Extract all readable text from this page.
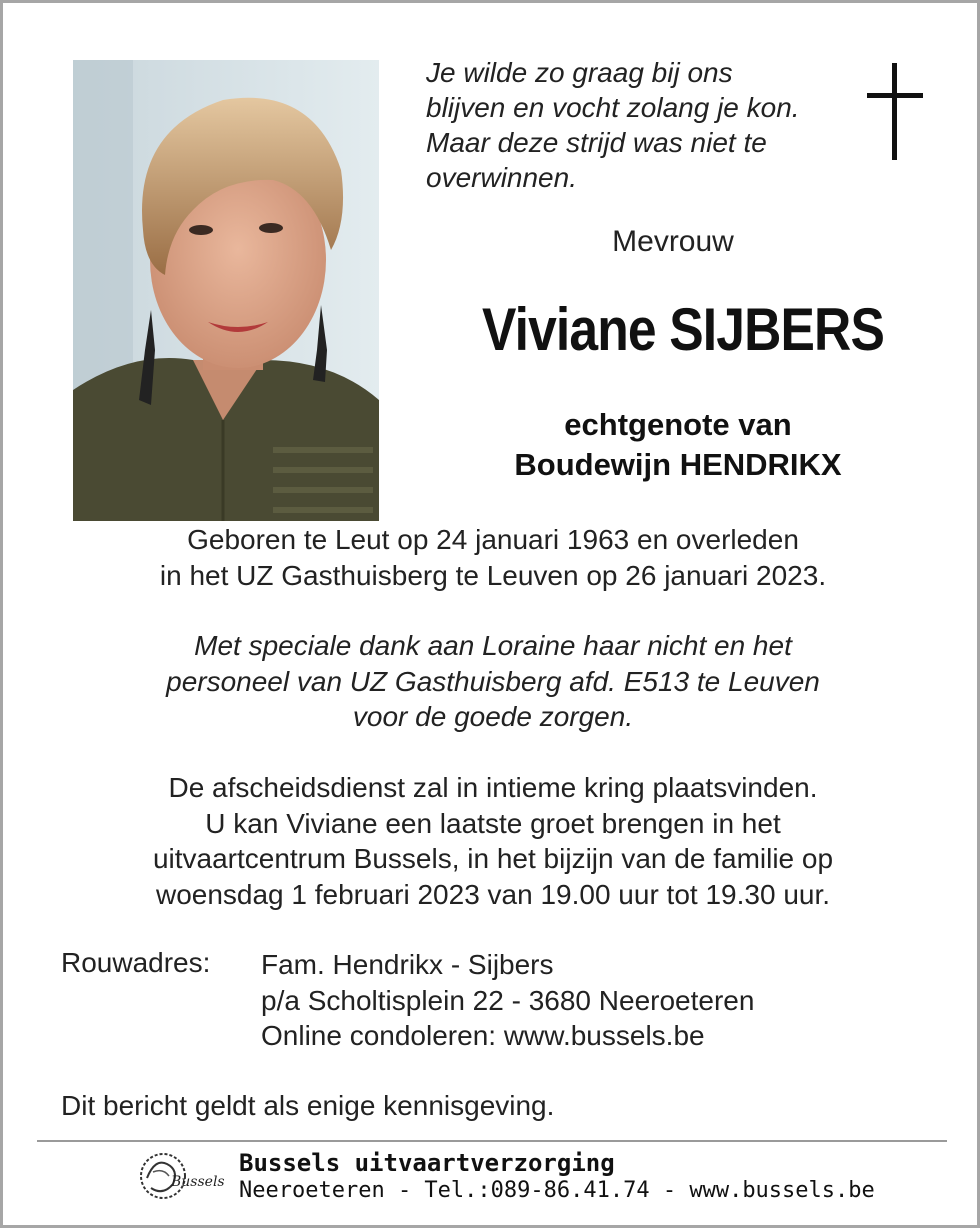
Je wilde zo graag bij ons
blijven en vocht zolang je kon.
Maar deze strijd was niet te
overwinnen.
Mevrouw
Viviane SIJBERS
echtgenote van
Boudewijn HENDRIKX
Geboren te Leut op 24 januari 1963 en overleden
in het UZ Gasthuisberg te Leuven op 26 januari 2023.
Met speciale dank aan Loraine haar nicht en het
personeel van UZ Gasthuisberg afd. E513 te Leuven
voor de goede zorgen.
De afscheidsdienst zal in intieme kring plaatsvinden.
U kan Viviane een laatste groet brengen in het
uitvaartcentrum Bussels, in het bijzijn van de familie op
woensdag 1 februari 2023 van 19.00 uur tot 19.30 uur.
Rouwadres: Fam. Hendrikx - Sijbers
p/a Scholtisplein 22 - 3680 Neeroeteren
Online condoleren: www.bussels.be
Dit bericht geldt als enige kennisgeving.
Bussels
Bussels uitvaartverzorging
Neeroeteren - Tel.:089-86.41.74 - www.bussels.be
